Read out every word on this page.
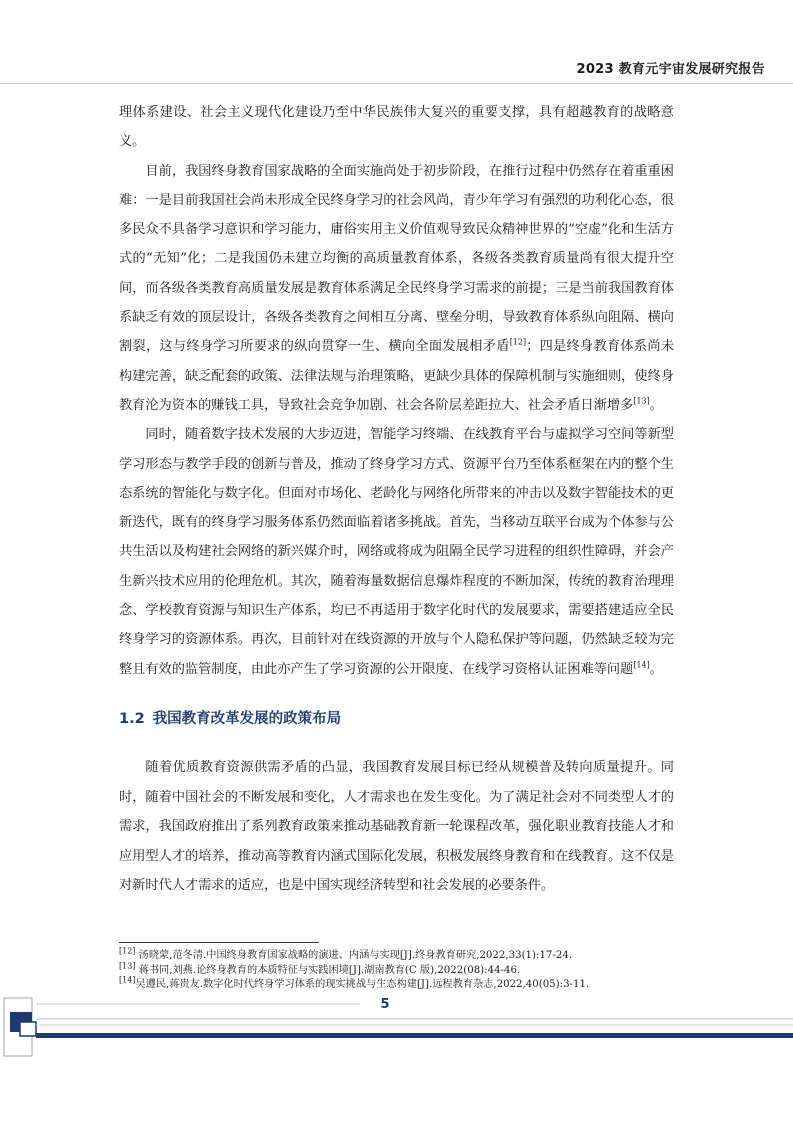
2023 教育元宇宙发展研究报告

理体系建设、社会主义现代化建设乃至中华民族伟大复兴的重要支撑，具有超越教育的战略意义。

目前，我国终身教育国家战略的全面实施尚处于初步阶段，在推行过程中仍然存在着重重困难：一是目前我国社会尚未形成全民终身学习的社会风尚，青少年学习有强烈的功利化心态，很多民众不具备学习意识和学习能力，庸俗实用主义价值观导致民众精神世界的“空虚”化和生活方式的“无知”化；二是我国仍未建立均衡的高质量教育体系，各级各类教育质量尚有很大提升空间，而各级各类教育高质量发展是教育体系满足全民终身学习需求的前提；三是当前我国教育体系缺乏有效的顶层设计，各级各类教育之间相互分离、壁垒分明，导致教育体系纵向阻隔、横向割裂，这与终身学习所要求的纵向贯穿一生、横向全面发展相矛盾[12]；四是终身教育体系尚未构建完善，缺乏配套的政策、法律法规与治理策略，更缺少具体的保障机制与实施细则，使终身教育沦为资本的赚钱工具，导致社会竞争加剧、社会各阶层差距拉大、社会矛盾日渐增多[13]。

同时，随着数字技术发展的大步迈进，智能学习终端、在线教育平台与虚拟学习空间等新型学习形态与教学手段的创新与普及，推动了终身学习方式、资源平台乃至体系框架在内的整个生态系统的智能化与数字化。但面对市场化、老龄化与网络化所带来的冲击以及数字智能技术的更新迭代，既有的终身学习服务体系仍然面临着诸多挑战。首先，当移动互联平台成为个体参与公共生活以及构建社会网络的新兴媒介时，网络或将成为阻隔全民学习进程的组织性障碍，并会产生新兴技术应用的伦理危机。其次，随着海量数据信息爆炸程度的不断加深，传统的教育治理理念、学校教育资源与知识生产体系，均已不再适用于数字化时代的发展要求，需要搭建适应全民终身学习的资源体系。再次，目前针对在线资源的开放与个人隐私保护等问题，仍然缺乏较为完整且有效的监管制度，由此亦产生了学习资源的公开限度、在线学习资格认证困难等问题[14]。

1.2 我国教育改革发展的政策布局

随着优质教育资源供需矛盾的凸显，我国教育发展目标已经从规模普及转向质量提升。同时，随着中国社会的不断发展和变化，人才需求也在发生变化。为了满足社会对不同类型人才的需求，我国政府推出了系列教育政策来推动基础教育新一轮课程改革，强化职业教育技能人才和应用型人才的培养，推动高等教育内涵式国际化发展，积极发展终身教育和在线教育。这不仅是对新时代人才需求的适应，也是中国实现经济转型和社会发展的必要条件。

[12] 汤晓蒙,范冬清.中国终身教育国家战略的演进、内涵与实现[J].终身教育研究,2022,33(1):17-24.
[13] 蒋书同,刘燕.论终身教育的本质特征与实践困境[J].湖南教育(C 版),2022(08):44-46.
[14]吴遵民,蒋贵友.数字化时代终身学习体系的现实挑战与生态构建[J].远程教育杂志,2022,40(05):3-11.
5
